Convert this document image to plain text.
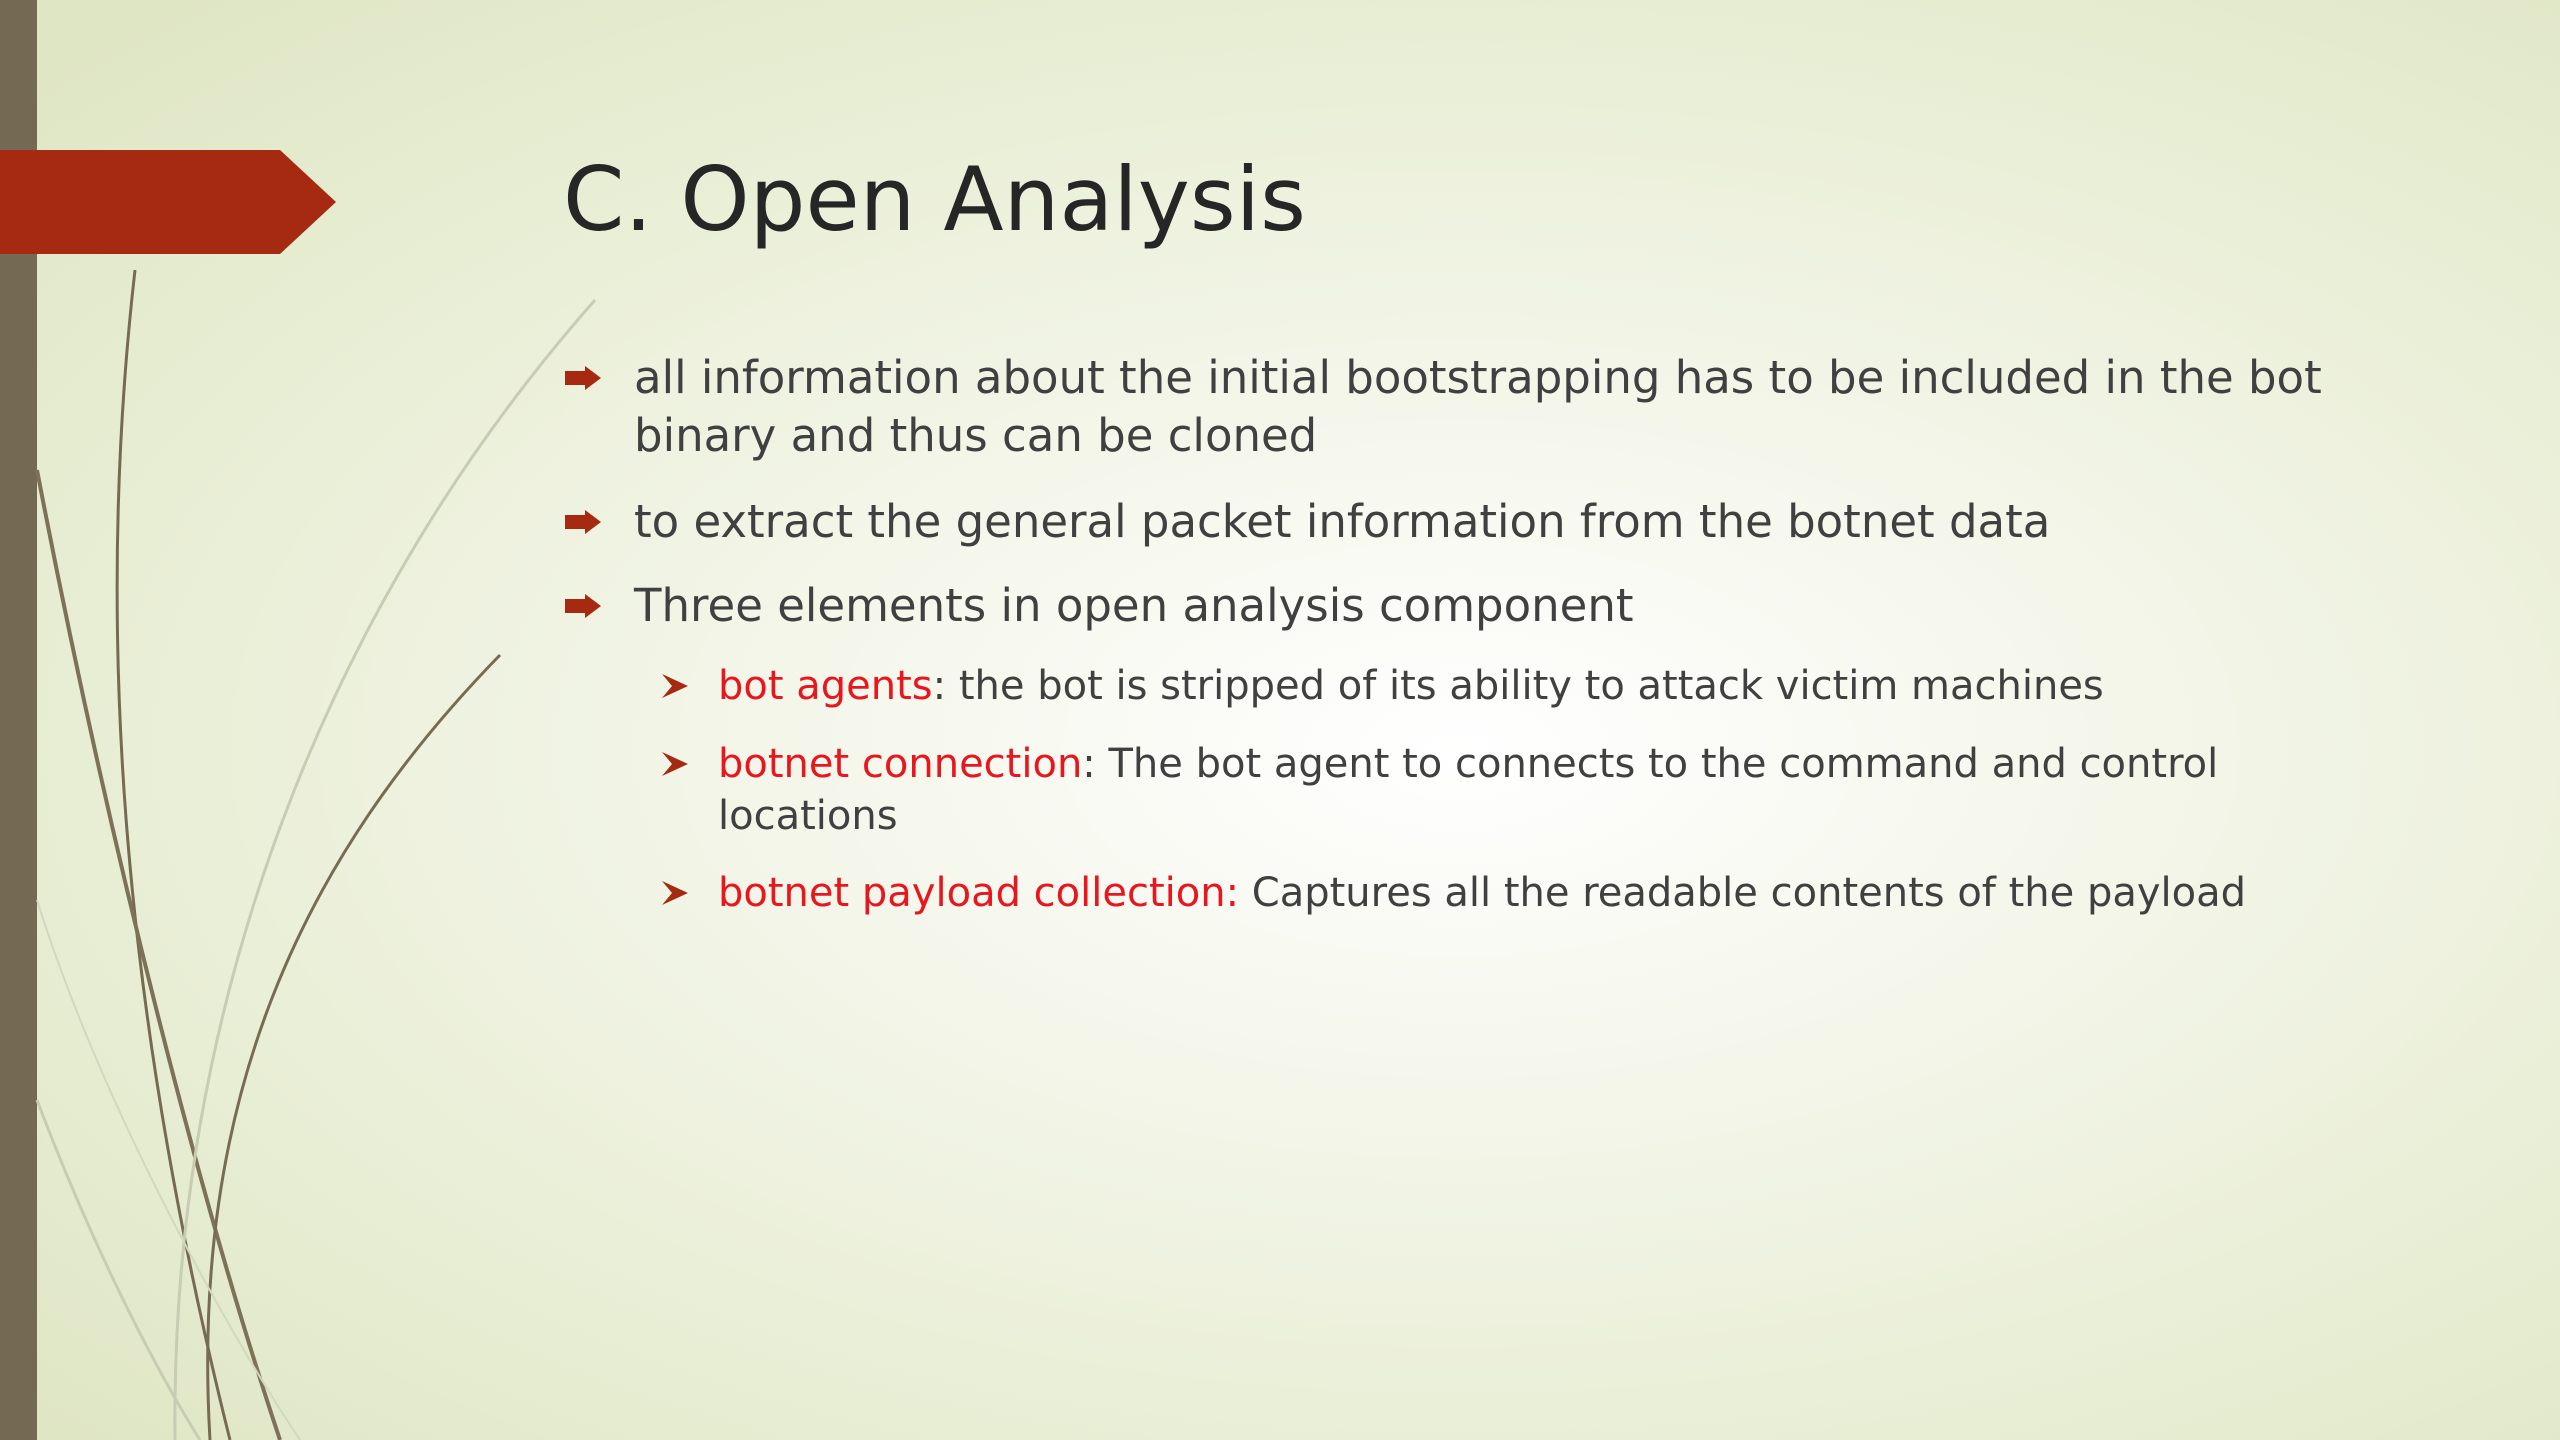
C. Open Analysis
all information about the initial bootstrapping has to be included in the bot
binary and thus can be cloned
to extract the general packet information from the botnet data
Three elements in open analysis component
bot agents: the bot is stripped of its ability to attack victim machines
botnet connection: The bot agent to connects to the command and control
locations
botnet payload collection: Captures all the readable contents of the payload
